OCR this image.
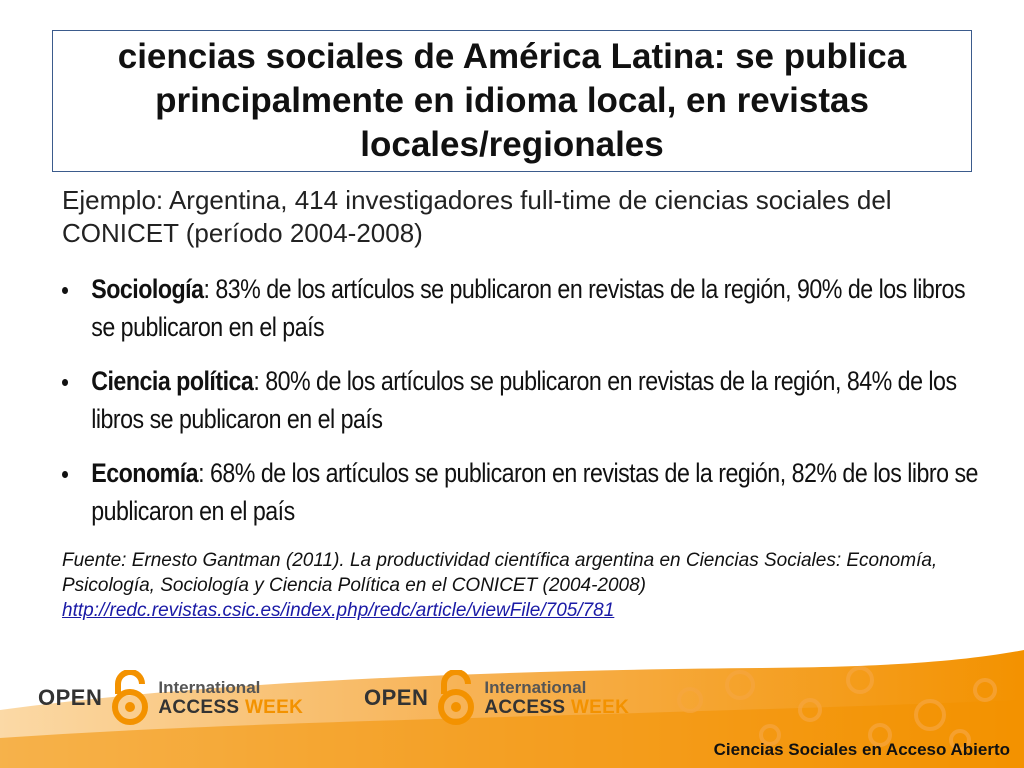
ciencias sociales de América Latina: se publica principalmente en idioma local, en revistas locales/regionales
Ejemplo: Argentina, 414 investigadores full-time de ciencias sociales del CONICET (período 2004-2008)
Sociología: 83% de los artículos se publicaron en revistas de la región, 90% de los libros se publicaron en el país
Ciencia política: 80% de los artículos se publicaron en revistas de la región, 84% de los libros se publicaron en el país
Economía: 68% de los artículos se publicaron en revistas de la región, 82% de los libro se publicaron en el país
Fuente: Ernesto Gantman (2011). La productividad científica argentina en Ciencias Sociales: Economía, Psicología, Sociología y Ciencia Política en el CONICET (2004-2008)
http://redc.revistas.csic.es/index.php/redc/article/viewFile/705/781
OPEN	International
ACCESS WEEK	OPEN	International
ACCESS WEEK
Ciencias Sociales en Acceso Abierto
